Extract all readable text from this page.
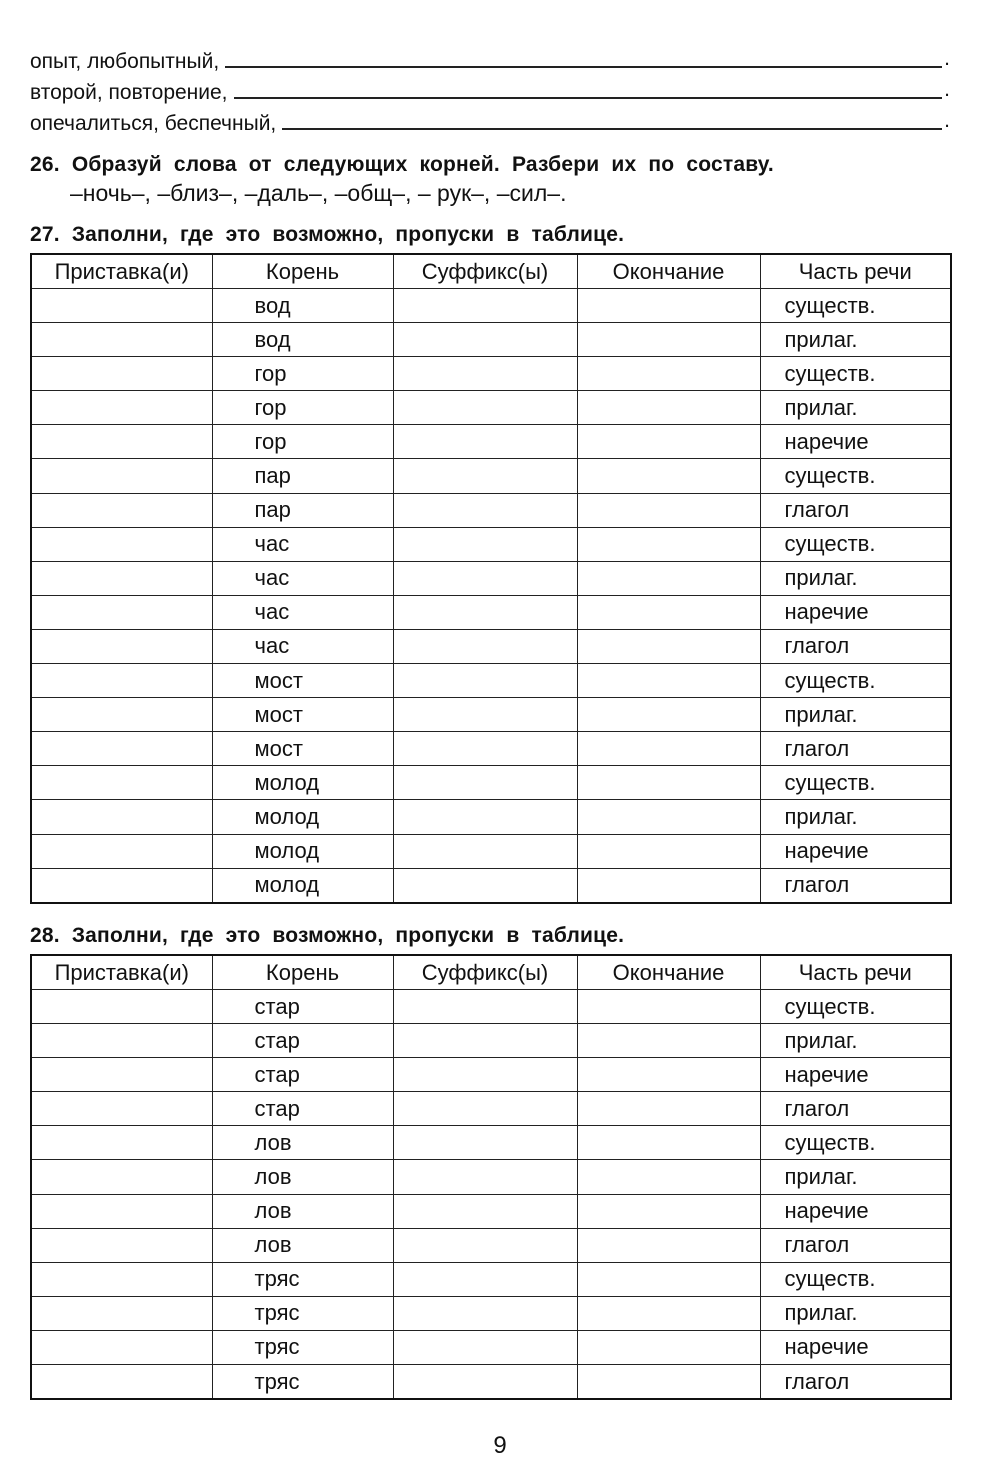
опыт, любопытный,	.
второй, повторение,	.
опечалиться, беспечный,	.
26. Образуй слова от следующих корней. Разбери их по составу.
–ночь–, –близ–, –даль–, –общ–, – рук–, –сил–.
27. Заполни, где это возможно, пропуски в таблице.
Приставка(и)	Корень	Суффикс(ы)	Окончание	Часть речи
	вод			существ.
	вод			прилаг.
	гор			существ.
	гор			прилаг.
	гор			наречие
	пар			существ.
	пар			глагол
	час			существ.
	час			прилаг.
	час			наречие
	час			глагол
	мост			существ.
	мост			прилаг.
	мост			глагол
	молод			существ.
	молод			прилаг.
	молод			наречие
	молод			глагол
28. Заполни, где это возможно, пропуски в таблице.
Приставка(и)	Корень	Суффикс(ы)	Окончание	Часть речи
	стар			существ.
	стар			прилаг.
	стар			наречие
	стар			глагол
	лов			существ.
	лов			прилаг.
	лов			наречие
	лов			глагол
	тряс			существ.
	тряс			прилаг.
	тряс			наречие
	тряс			глагол
9
